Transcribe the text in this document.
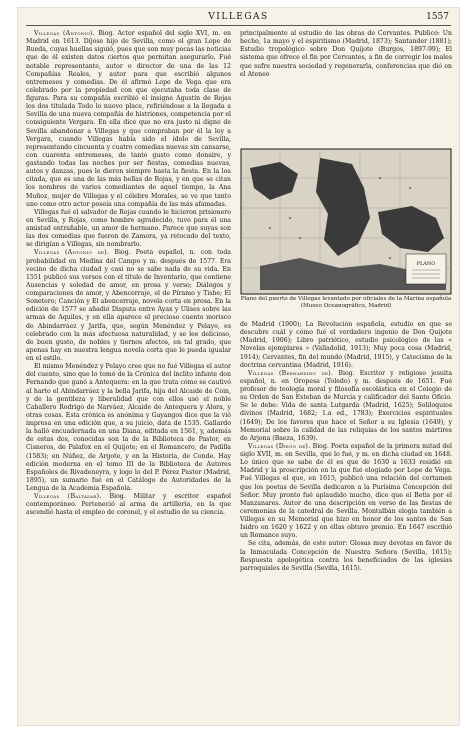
VILLEGAS	1557

Villegas (Antonio). Biog. Actor español del siglo XVI, m. en Madrid en 1613. Díjose hijo de Sevilla, como el gran Lope de Rueda, cuyas huellas siguió, pues que son muy pocas las noticias que de él existen datos ciertos que permitan asegurarlo. Fué notable representante, autor o director de una de las 12 Compañías Reales, y autor para que escribió algunos entremeses y comedias. De él afirmó Lope de Vega que era celebrado por la propiedad con que ejecutaba toda clase de figuras. Para su compañía escribió el insigne Agustín de Rojas los dos titulada Todo lo nuevo place, refiriéndose a la llegada a Sevilla de una nueva compañía de histriones, competencia por el consiguiente Vergara. En ella dice que no era justo ni digno de Sevilla abandonar a Villegas y que compraban por él la ley a Vergara, cuando Villegas había sido el ídolo de Sevilla, representando cincuenta y cuatro comedias nuevas sin cansarse, con cuarenta entremeses, de tanto gusto como donaire, y gastando todas las noches por ser fiestas, comedias nuevas, autos y danzas, pues le dieron siempre hasta la fiesta. En la loa citada, que es una de las más bellas de Rojas, y en que se citan los nombres de varios comediantes de aquel tiempo, la Ana Muñoz, mujer de Villegas y el célebre Morales, se ve que tanto uno como otro actor poseía una compañía de las más afamadas.

Villegas fué el salvador de Rojas cuando le hicieron prisionero en Sevilla, y Rojas, como hombre agradecido, tuvo para él una amistad entrañable, un amor de hermano. Parece que suyas son las dos comedias que fueron de Zamora, ya retocado del texto, se dirigían a Villegas, sin nombrarlo.

Villegas (Antonio de). Biog. Poeta español, n. con toda probabilidad en Medina del Campo y m. después de 1577. Era vecino de dicha ciudad y casi no se sabe nada de su vida. En 1551 publicó sus versos con el título de Inventario, que contiene Ausencias y soledad de amor, en prosa y verso; Diálogos y comparaciones de amor, y Abencerraje, el de Píramo y Tisbe; El Sonetero; Canción y El abencerraje, novela corta en prosa. En la edición de 1577 se añadió Disputa entre Ayax y Ulises sobre las armas de Aquiles, y en ella aparece el precioso cuento morisco de Abindarráez y Jarifa, que, según Menéndez y Pelayo, es celebrado con la más afectuosa naturalidad, y se lee delicioso, de buen gusto, de nobles y tiernos afectos, en tal grado, que apenas hay en nuestra lengua novela corta que le pueda igualar en el estilo.

El mismo Menéndez y Pelayo cree que no fué Villegas el autor del cuento, sino que lo tomó de la Crónica del ínclito infante don Fernando que ganó a Antequera: en la que trata cómo se cautivó al harto el Abindarráez y la bella Jarifa, hija del Alcaide de Coin, y de la gentileza y liberalidad que con ellos usó el noble Caballero Rodrigo de Narváez, Alcaide de Antequera y Alora, y otras cosas. Esta crónica es anónima y Gayangos dice que la vió impresa en una edición que, a su juicio, data de 1535. Gallardo la halló encuadernada en una Diana, editada en 1561, y, además de estas dos, conocidas son la de la Biblioteca de Pastor, en Cisneros, de Palafox en el Quijote; en el Romancero, de Padilla (1583); en Núñez, de Argote, y en la Historia, de Conde. Hay edición moderna en el tomo III de la Biblioteca de Autores Españoles de Rivadeneyra, y logo lo del P. Pérez Pastor (Madrid, 1895), un sumario fué en el Catálogo de Autoridades de la Lengua de la Academia Española.

Villegas (Baltasar). Biog. Militar y escritor español contemporáneo. Perteneció al arma de artillería, en la que ascendió hasta el empleo de coronel, y el estudio de su ciencia.

principalmente al estudio de las obras de Cervantes. Publicó: Un hecho, 1a mayo y el espiritismo (Madrid, 1873); Santander (1881); Estudio tropológico sobre Don Quijote (Burgos, 1897-99); El sistema que ofrece el fin por Cervantes, a fin de corregir los males que sufre nuestra sociedad y regenerarla, conferencias que dió en el Ateneo

PLANO
Plano del puerto de Villegas levantado por oficiales de la Marina española
(Museo Oceanográfico, Madrid)

de Madrid (1900); La Revolución española, estudio en que se descubre cuál y cómo fué el verdadero ingenio de Don Quijote (Madrid, 1906); Libro patriótico, estudio psicológico de las « Novelas ejemplares » (Valladolid, 1913); Muy poca cosa (Madrid, 1914); Cervantes, fin del mundo (Madrid, 1915), y Catecismo de la doctrina cervantina (Madrid, 1916).

Villegas (Bernardino de). Biog. Escritor y religioso jesuita español, n. en Oropesa (Toledo) y m. después de 1651. Fué profesor de teología moral y filosofía escolástica en el Colegio de su Orden de San Esteban de Murcia y calificador del Santo Oficio. Se le debe: Vida de santa Lutgarda (Madrid, 1625); Soliloquios divinos (Madrid, 1682; 1.a ed., 1783); Exercicios espirituales (1649); De los favores que hace el Señor a su Iglesia (1649), y Memorial sobre la calidad de las reliquias de los santos mártires de Arjona (Baeza, 1639).

Villegas (Diego de). Biog. Poeta español de la primera mitad del siglo XVII, m. en Sevilla, que lo fué, y m. en dicha ciudad en 1648. Lo único que se sabe de él es que de 1630 a 1633 residió en Madrid y la proscripción en la que fué elogiado por Lope de Vega. Fué Villegas el que, en 1615, publicó una relación del certamen que los poetas de Sevilla dedicaron a la Purísima Concepción del Señor. Muy pronto fué aplaudido mucho, dice que el Betis por el Manzanares. Autor de una descripción en verso de las fiestas de ceremonias de la catedral de Sevilla. Montalbán elogia también a Villegas en su Memorial que hizo en honor de los santos de San Isidro en 1620 y 1622 y en ellas obtuvo premio. En 1647 escribió un Romance suyo.

Se cita, además, de este autor: Glosas muy devotas en favor de la Inmaculada Concepción de Nuestra Señora (Sevilla, 1615); Respuesta apologética contra los beneficiados de las iglesias parroquiales de Sevilla (Sevilla, 1615).
